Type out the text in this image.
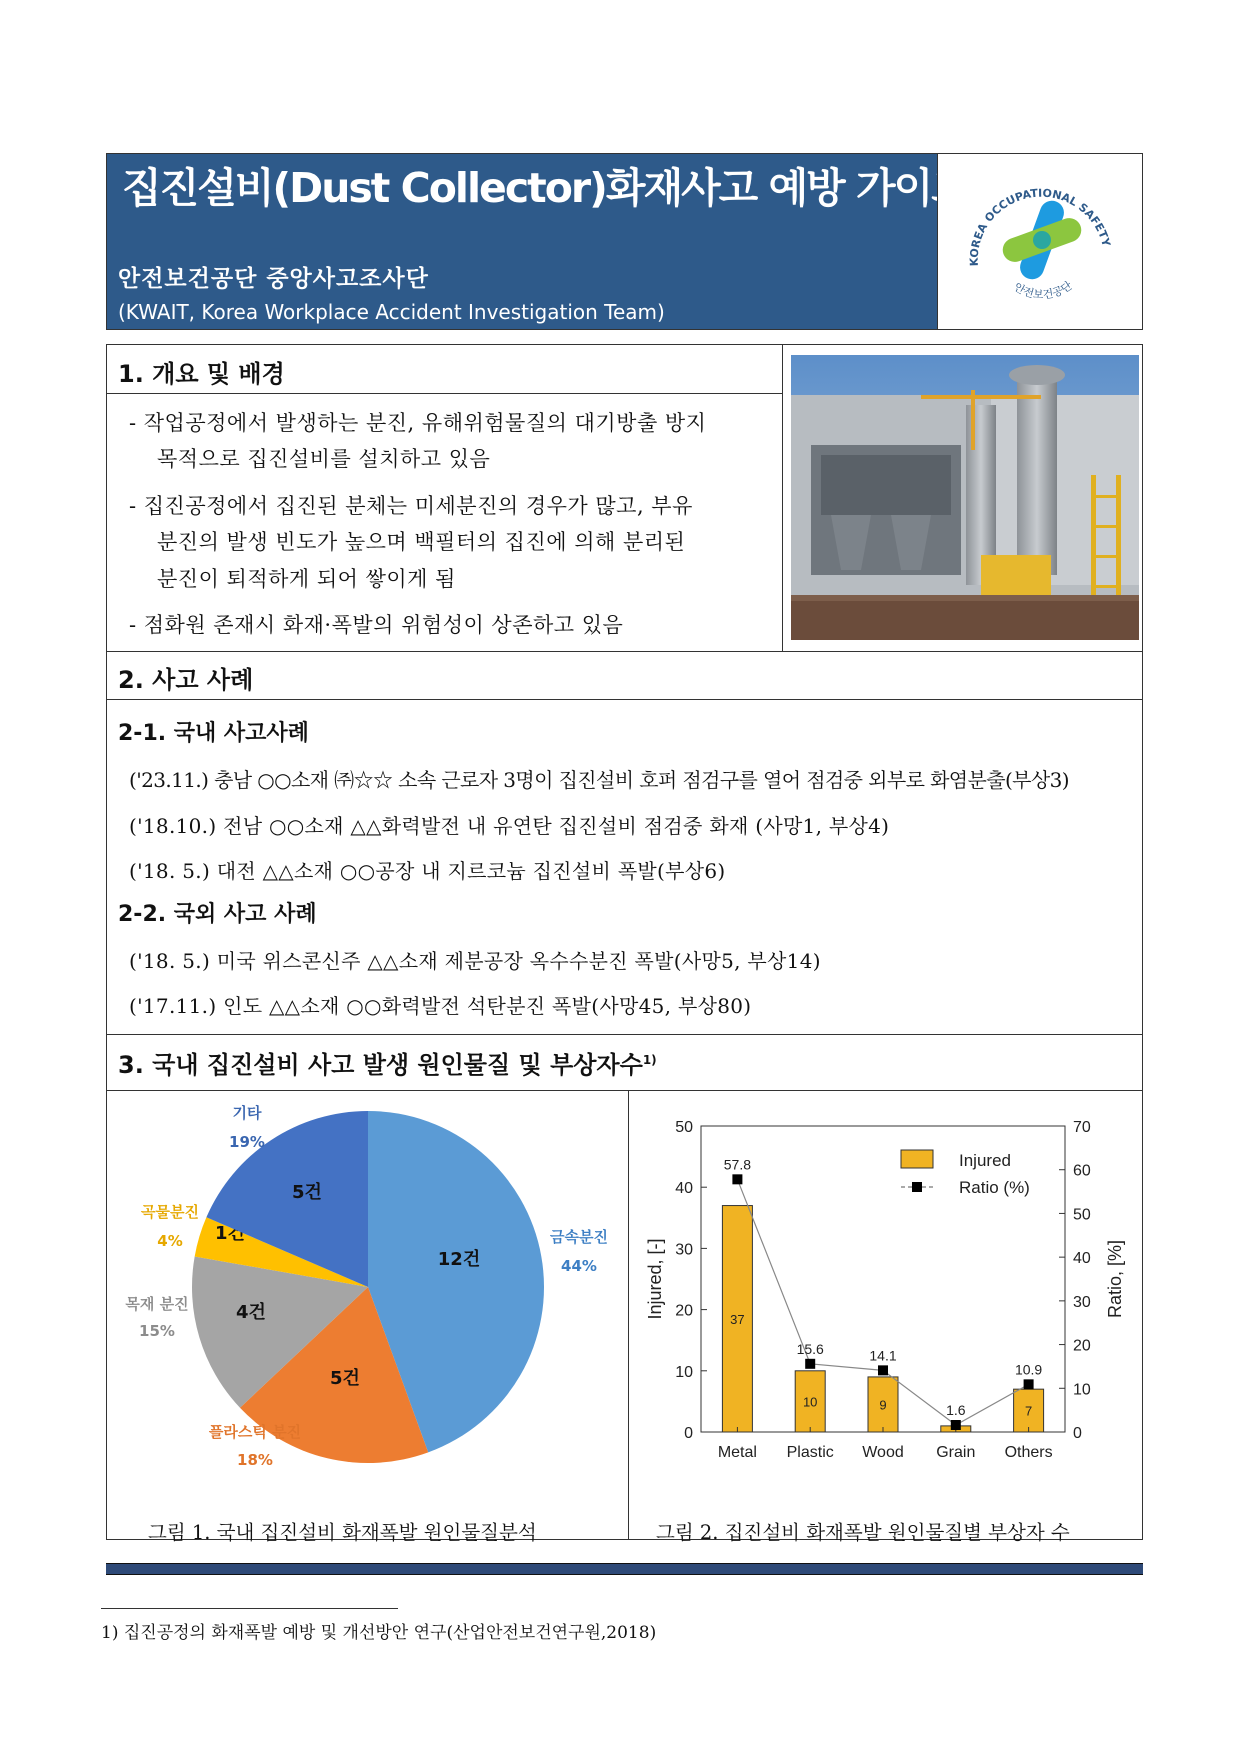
집진설비(Dust Collector)화재사고 예방 가이드
안전보건공단 중앙사고조사단
(KWAIT, Korea Workplace Accident Investigation Team)
KOREA OCCUPATIONAL SAFETY
안전보건공단
1. 개요 및 배경
- 작업공정에서 발생하는 분진, 유해위험물질의 대기방출 방지
목적으로 집진설비를 설치하고 있음
- 집진공정에서 집진된 분체는 미세분진의 경우가 많고, 부유
분진의 발생 빈도가 높으며 백필터의 집진에 의해 분리된
분진이 퇴적하게 되어 쌓이게 됨
- 점화원 존재시 화재·폭발의 위험성이 상존하고 있음
2. 사고 사례
2-1. 국내 사고사례
('23.11.) 충남 ○○소재 ㈜☆☆ 소속 근로자 3명이 집진설비 호퍼 점검구를 열어 점검중 외부로 화염분출(부상3)
('18.10.) 전남 ○○소재 △△화력발전 내 유연탄 집진설비 점검중 화재 (사망1, 부상4)
('18. 5.) 대전 △△소재 ○○공장 내 지르코늄 집진설비 폭발(부상6)
2-2. 국외 사고 사례
('18. 5.) 미국 위스콘신주 △△소재 제분공장 옥수수분진 폭발(사망5, 부상14)
('17.11.) 인도 △△소재 ○○화력발전 석탄분진 폭발(사망45, 부상80)
3. 국내 집진설비 사고 발생 원인물질 및 부상자수$^{1)}$
12건
금속분진
44%
5건
플라스틱 분진
18%
4건
목재 분진
15%
1건
곡물분진
4%
5건
기타
19%
0
10
20
30
40
50
0
10
20
30
40
50
60
70
Injured, [-]	Ratio, [%]
37
Metal
10
Plastic
9
Wood Grain
7
Others
57.8
15.6	14.1
1.6
10.9
Injured
Ratio (%)
그림 1. 국내 집진설비 화재폭발 원인물질분석	그림 2. 집진설비 화재폭발 원인물질별 부상자 수
1) 집진공정의 화재폭발 예방 및 개선방안 연구(산업안전보건연구원,2018)
